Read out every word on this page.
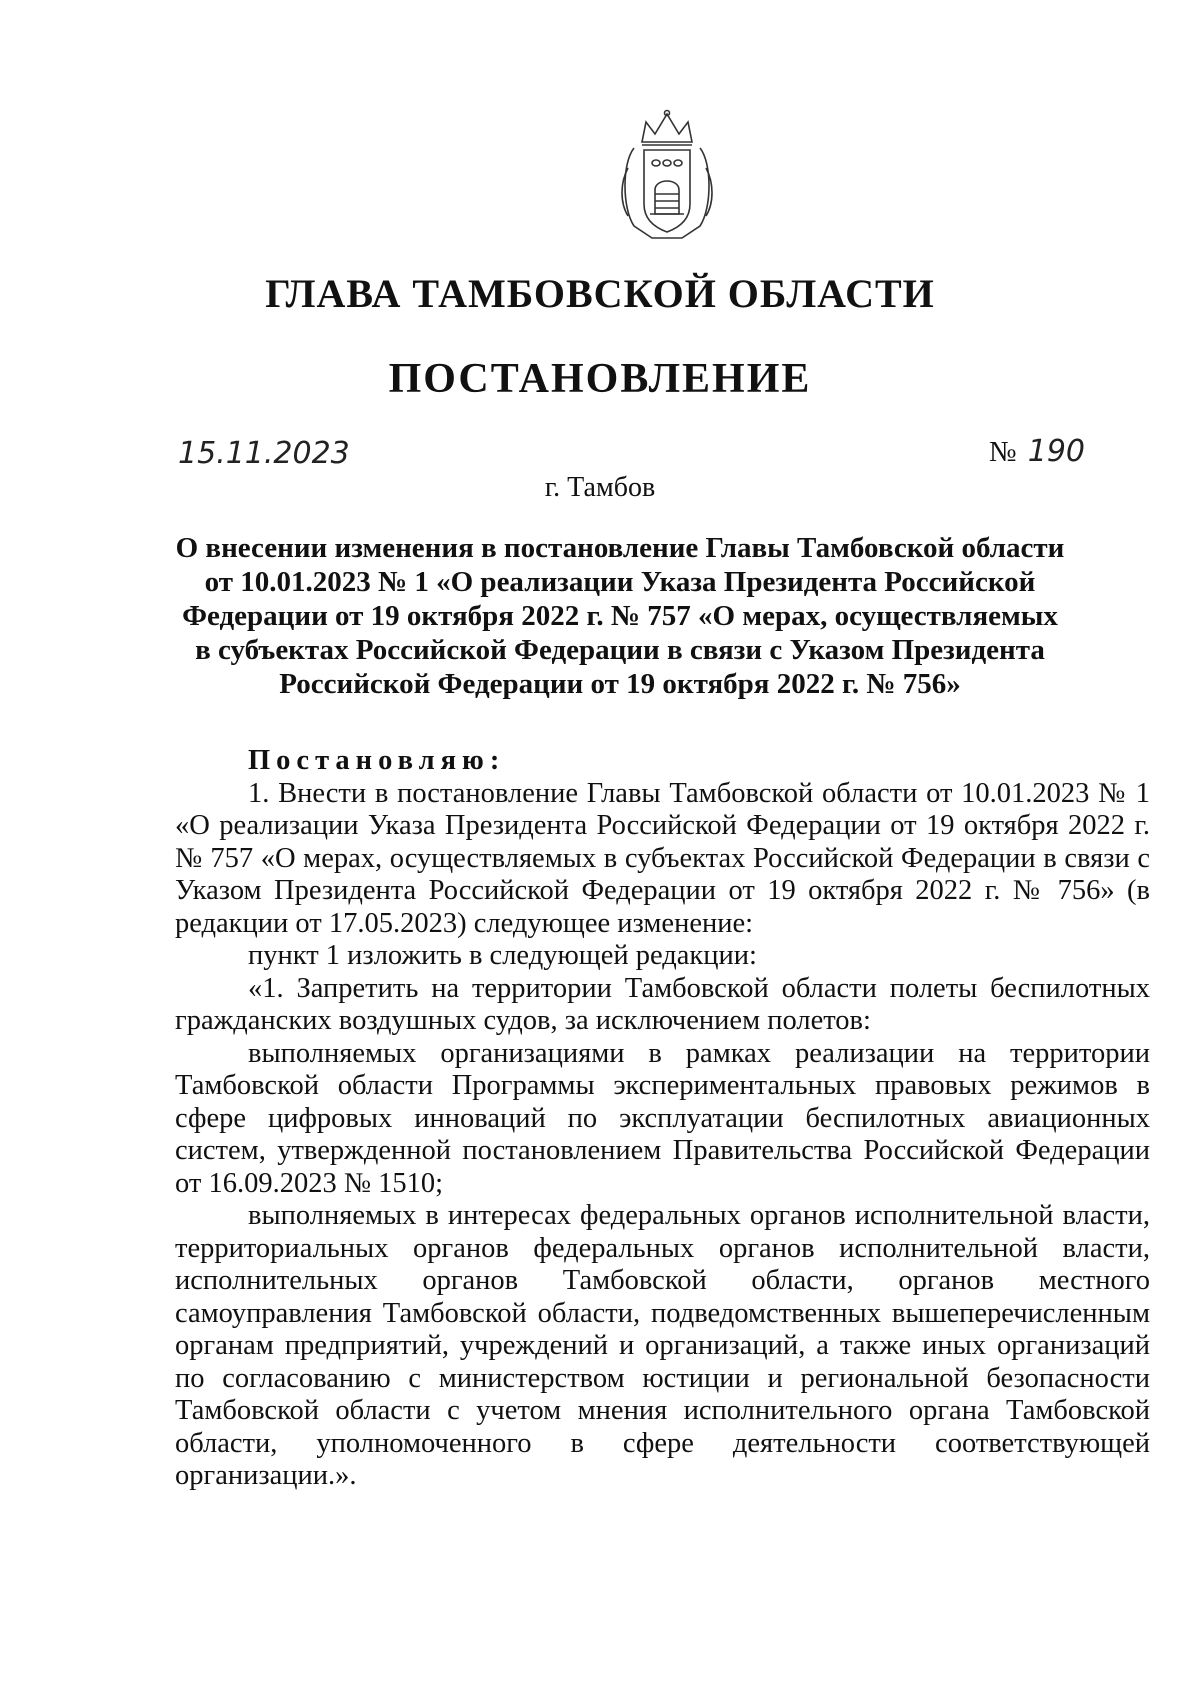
ГЛАВА ТАМБОВСКОЙ ОБЛАСТИ
ПОСТАНОВЛЕНИЕ
15.11.2023	№ 190
г. Тамбов
О внесении изменения в постановление Главы Тамбовской области от 10.01.2023 № 1 «О реализации Указа Президента Российской Федерации от 19 октября 2022 г. № 757 «О мерах, осуществляемых в субъектах Российской Федерации в связи с Указом Президента Российской Федерации от 19 октября 2022 г. № 756»
Постановляю:

1. Внести в постановление Главы Тамбовской области от 10.01.2023 № 1 «О реализации Указа Президента Российской Федерации от 19 октября 2022 г. № 757 «О мерах, осуществляемых в субъектах Российской Федерации в связи с Указом Президента Российской Федерации от 19 октября 2022 г. № 756» (в редакции от 17.05.2023) следующее изменение:

пункт 1 изложить в следующей редакции:

«1. Запретить на территории Тамбовской области полеты беспилотных гражданских воздушных судов, за исключением полетов:

выполняемых организациями в рамках реализации на территории Тамбовской области Программы экспериментальных правовых режимов в сфере цифровых инноваций по эксплуатации беспилотных авиационных систем, утвержденной постановлением Правительства Российской Федерации от 16.09.2023 № 1510;

выполняемых в интересах федеральных органов исполнительной власти, территориальных органов федеральных органов исполнительной власти, исполнительных органов Тамбовской области, органов местного самоуправления Тамбовской области, подведомственных вышеперечисленным органам предприятий, учреждений и организаций, а также иных организаций по согласованию с министерством юстиции и региональной безопасности Тамбовской области с учетом мнения исполнительного органа Тамбовской области, уполномоченного в сфере деятельности соответствующей организации.».
